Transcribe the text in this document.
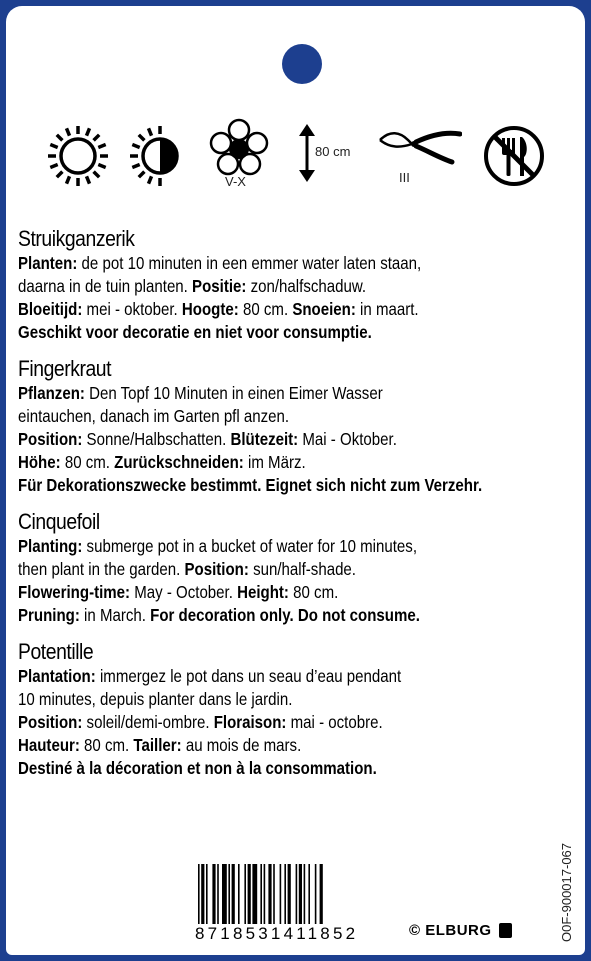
V-X
80 cm
III
Struikganzerik
Planten: de pot 10 minuten in een emmer water laten staan,
daarna in de tuin planten. Positie: zon/halfschaduw.
Bloeitijd: mei - oktober. Hoogte: 80 cm. Snoeien: in maart.
Geschikt voor decoratie en niet voor consumptie.
Fingerkraut
Pflanzen: Den Topf 10 Minuten in einen Eimer Wasser
eintauchen, danach im Garten pfl anzen.
Position: Sonne/Halbschatten. Blütezeit: Mai - Oktober.
Höhe: 80 cm. Zurückschneiden: im März.
Für Dekorationszwecke bestimmt. Eignet sich nicht zum Verzehr.
Cinquefoil
Planting: submerge pot in a bucket of water for 10 minutes,
then plant in the garden. Position: sun/half-shade.
Flowering-time: May - October. Height: 80 cm.
Pruning: in March. For decoration only. Do not consume.
Potentille
Plantation: immergez le pot dans un seau d’eau pendant
10 minutes, depuis planter dans le jardin.
Position: soleil/demi-ombre. Floraison: mai - octobre.
Hauteur: 80 cm. Tailler: au mois de mars.
Destiné à la décoration et non à la consommation.
8718531411852	© ELBURG	O0F-900017-067
